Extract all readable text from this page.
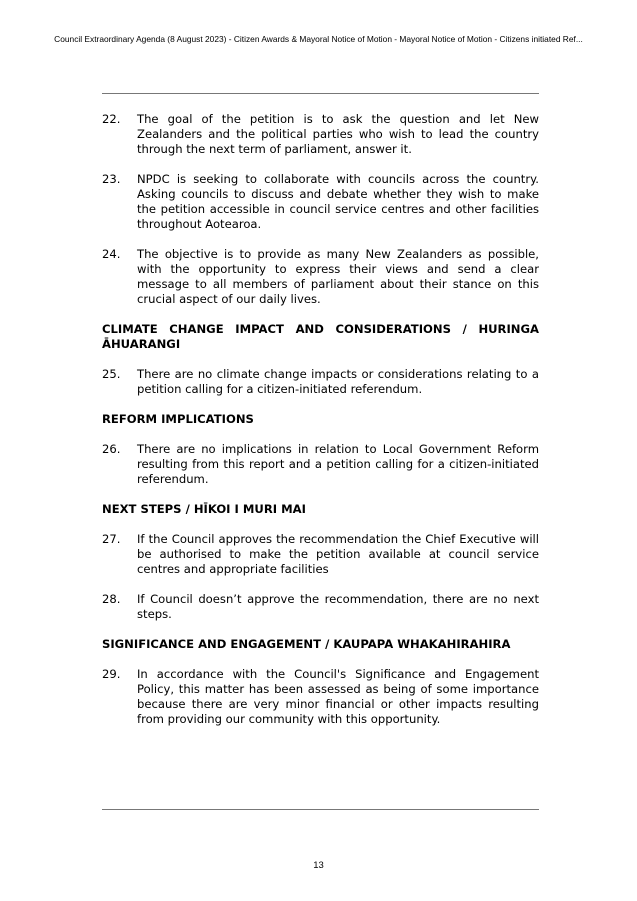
Council Extraordinary Agenda (8 August 2023) - Citizen Awards & Mayoral Notice of Motion - Mayoral Notice of Motion - Citizens initiated Ref...
22.	The goal of the petition is to ask the question and let New Zealanders and the political parties who wish to lead the country through the next term of parliament, answer it.
23.	NPDC is seeking to collaborate with councils across the country. Asking councils to discuss and debate whether they wish to make the petition accessible in council service centres and other facilities throughout Aotearoa.
24.	The objective is to provide as many New Zealanders as possible, with the opportunity to express their views and send a clear message to all members of parliament about their stance on this crucial aspect of our daily lives.
CLIMATE CHANGE IMPACT AND CONSIDERATIONS / HURINGA
ĀHUARANGI
25.	There are no climate change impacts or considerations relating to a petition calling for a citizen-initiated referendum.
REFORM IMPLICATIONS
26.	There are no implications in relation to Local Government Reform resulting from this report and a petition calling for a citizen-initiated referendum.
NEXT STEPS / HĪKOI I MURI MAI
27.	If the Council approves the recommendation the Chief Executive will be authorised to make the petition available at council service centres and appropriate facilities
28.	If Council doesn’t approve the recommendation, there are no next steps.
SIGNIFICANCE AND ENGAGEMENT / KAUPAPA WHAKAHIRAHIRA
29.	In accordance with the Council's Significance and Engagement Policy, this matter has been assessed as being of some importance because there are very minor financial or other impacts resulting from providing our community with this opportunity.
13
